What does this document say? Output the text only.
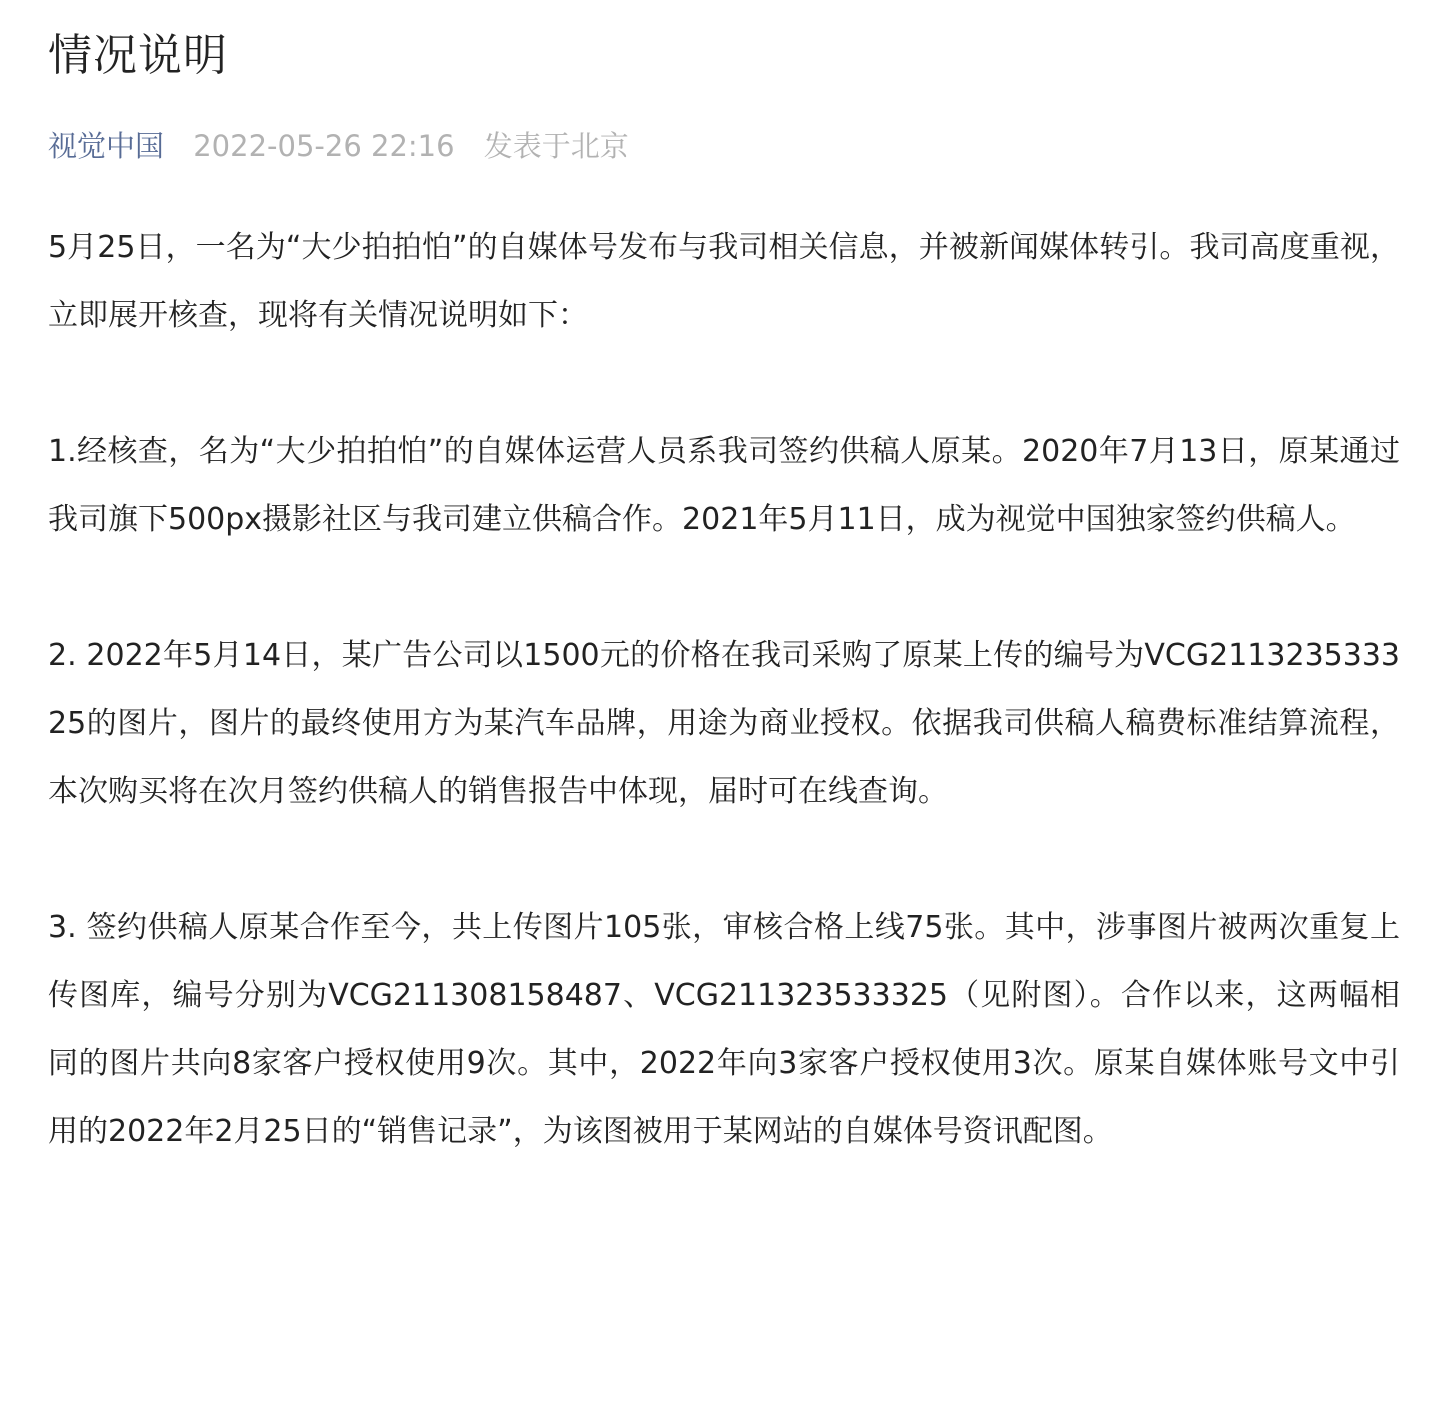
情况说明
视觉中国 2022-05-26 22:16 发表于北京

5月25日，一名为“大少拍拍怕”的自媒体号发布与我司相关信息，并被新闻媒体转引。我司高度重视，立即展开核查，现将有关情况说明如下：

1.经核查，名为“大少拍拍怕”的自媒体运营人员系我司签约供稿人原某。2020年7月13日，原某通过我司旗下500px摄影社区与我司建立供稿合作。2021年5月11日，成为视觉中国独家签约供稿人。

2. 2022年5月14日，某广告公司以1500元的价格在我司采购了原某上传的编号为VCG211323533325的图片，图片的最终使用方为某汽车品牌，用途为商业授权。依据我司供稿人稿费标准结算流程，本次购买将在次月签约供稿人的销售报告中体现，届时可在线查询。

3. 签约供稿人原某合作至今，共上传图片105张，审核合格上线75张。其中，涉事图片被两次重复上传图库，编号分别为VCG211308158487、VCG211323533325（见附图）。合作以来，这两幅相同的图片共向8家客户授权使用9次。其中，2022年向3家客户授权使用3次。原某自媒体账号文中引用的2022年2月25日的“销售记录”，为该图被用于某网站的自媒体号资讯配图。
